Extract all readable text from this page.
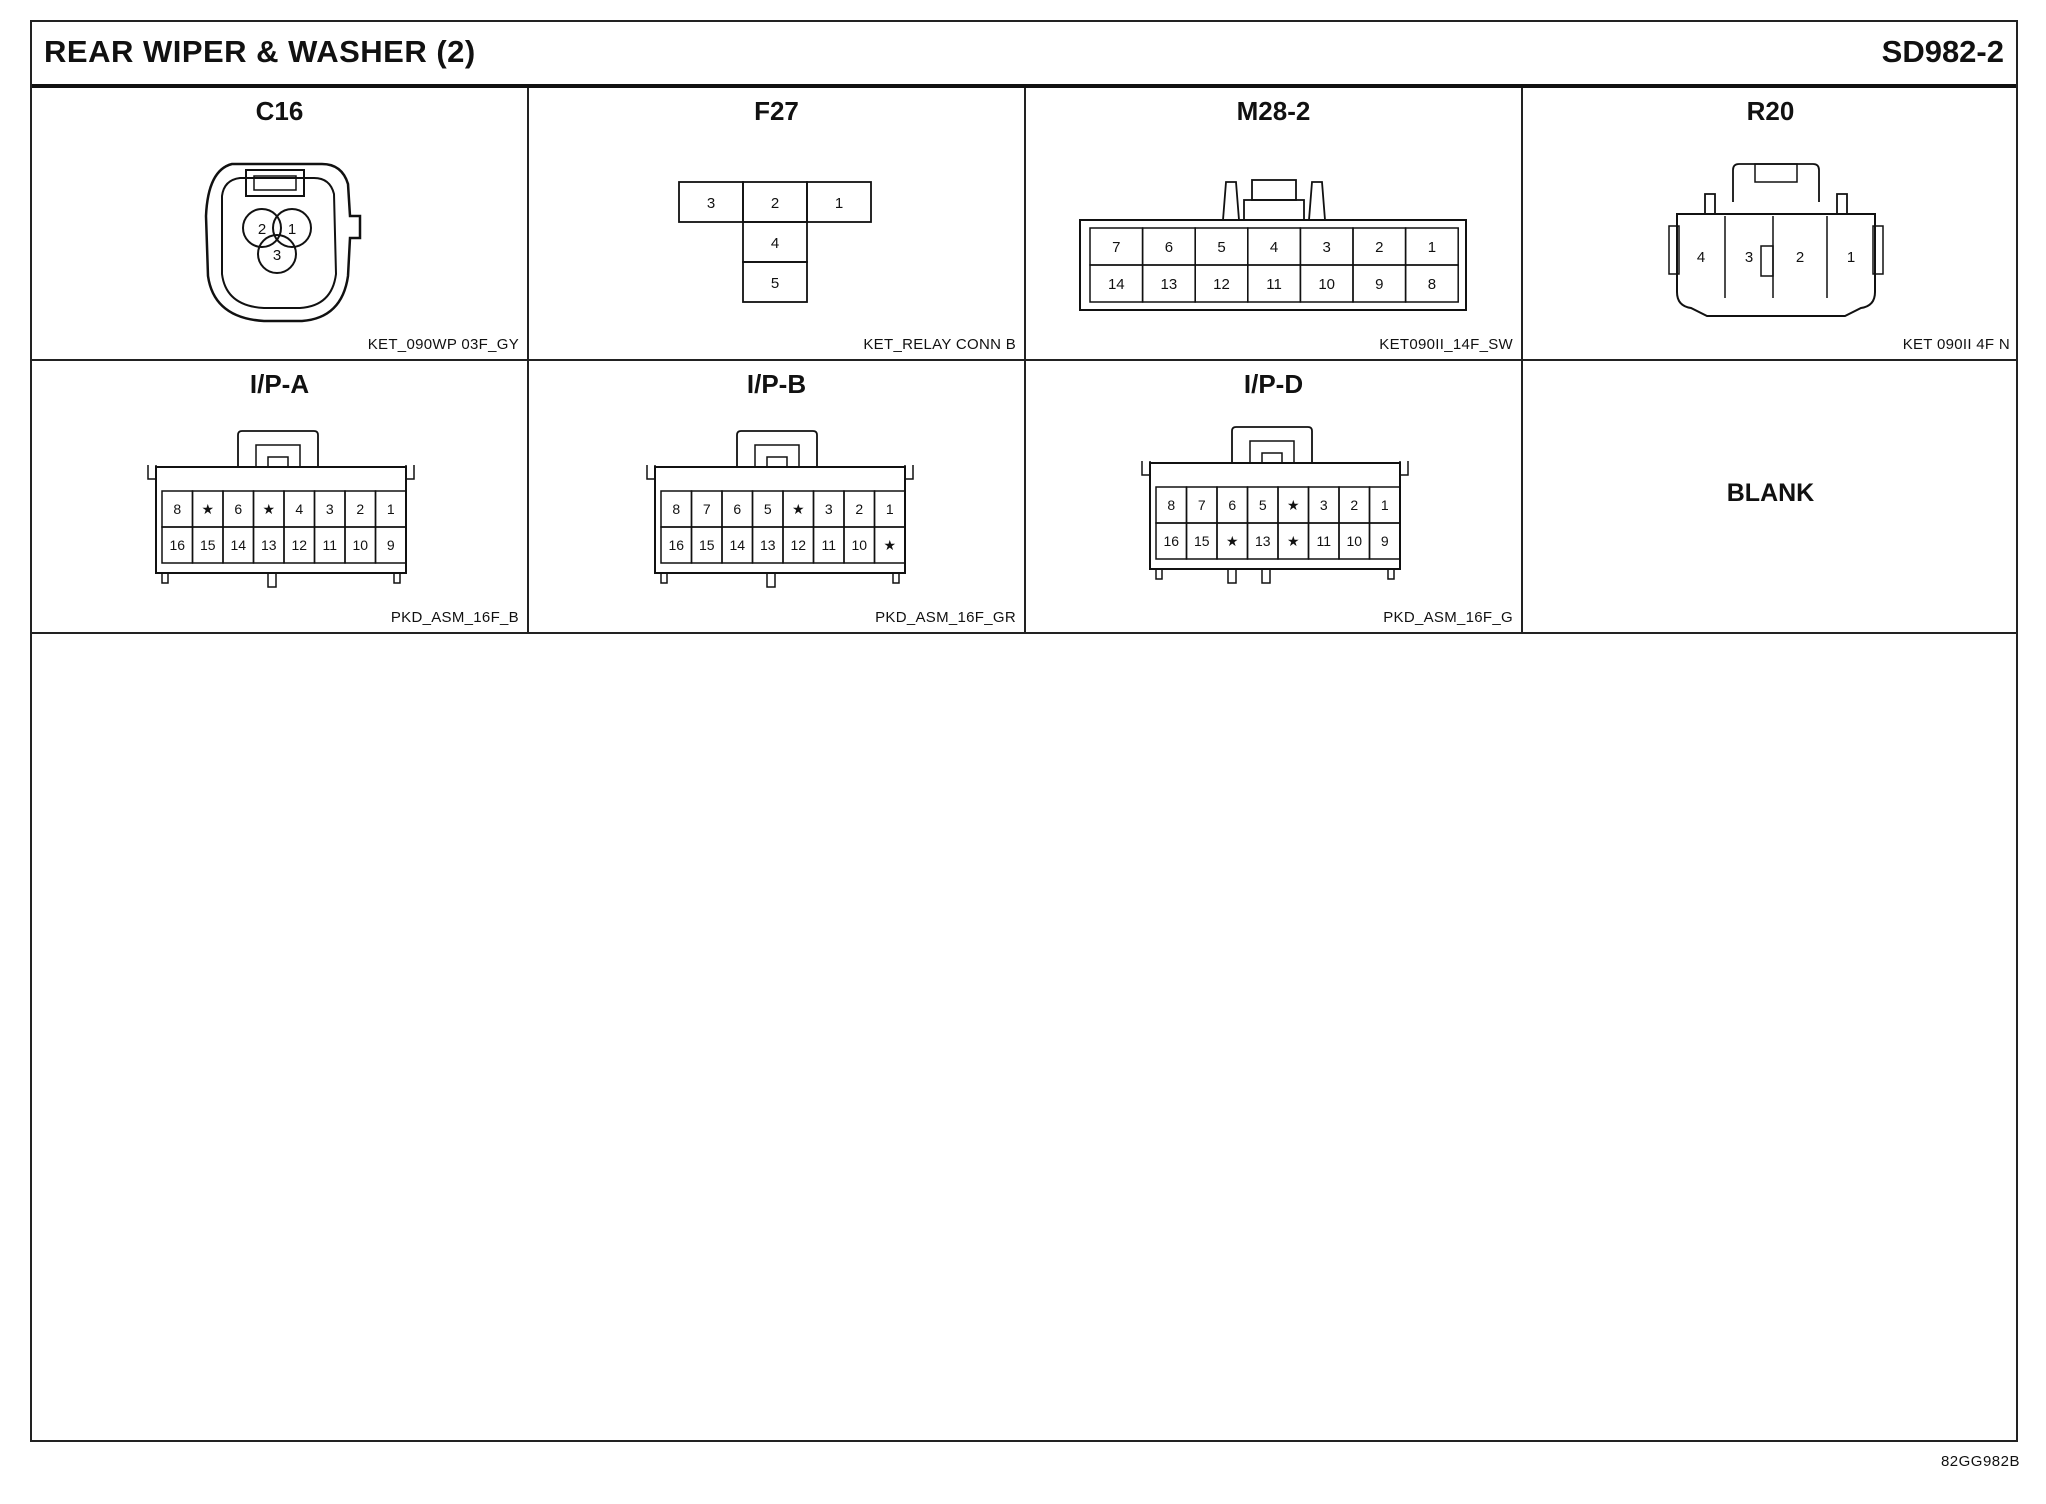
REAR WIPER & WASHER (2)	SD982-2
C16
2 1
3
KET_090WP 03F_GY
F27
3	2	1
4
5
KET_RELAY CONN B
M28-2
7	6	5	4	3	2	1
14 13 12 11 10	9	8
KET090II_14F_SW
R20
4	3	2	1
KET 090II 4F N
I/P-A
8 ★ 6 ★ 4 3 2 1
16 15 14 13 12 11 10 9
PKD_ASM_16F_B
I/P-B
8 7 6 5 ★ 3 2 1
16 15 14 13 12 11 10 ★
PKD_ASM_16F_GR
I/P-D
8 7 6 5 ★ 3 2 1
16 15 ★ 13 ★ 11 10 9
PKD_ASM_16F_G
BLANK
82GG982B
